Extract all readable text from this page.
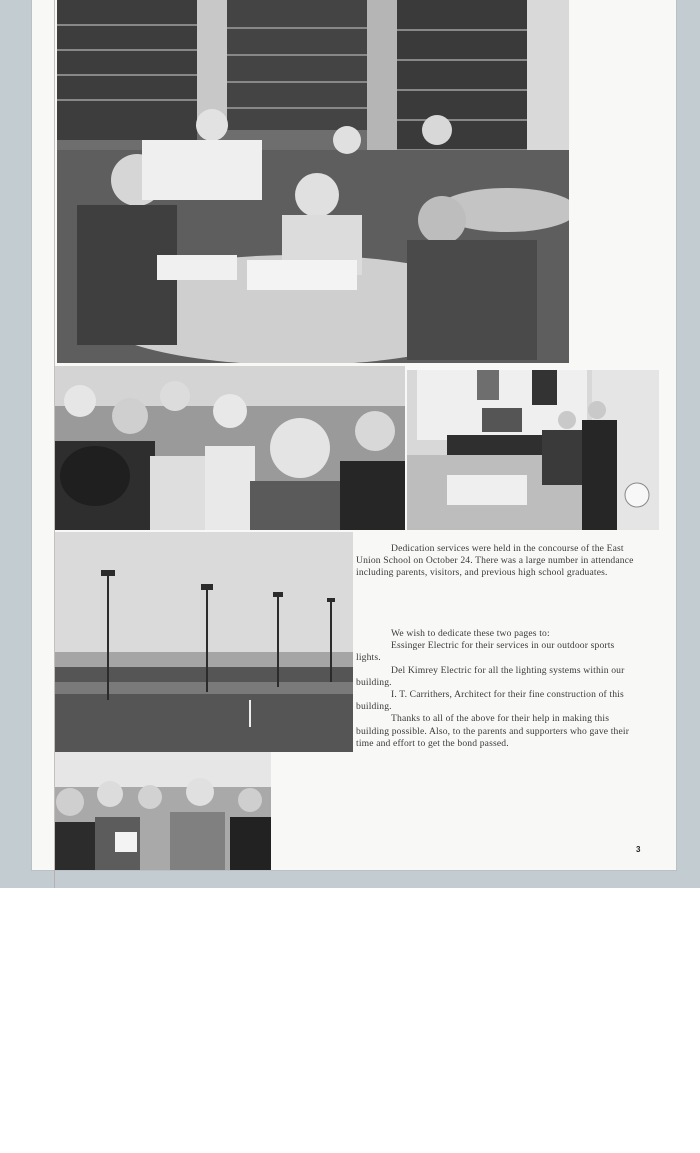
Dedication services were held in the concourse of the East Union School on October 24. There was a large number in attendance including parents, visitors, and previous high school graduates.

We wish to dedicate these two pages to:

Essinger Electric for their services in our outdoor sports lights.

Del Kimrey Electric for all the lighting systems within our building.

I. T. Carrithers, Architect for their fine construction of this building.

Thanks to all of the above for their help in making this building possible. Also, to the parents and supporters who gave their time and effort to get the bond passed.

3
